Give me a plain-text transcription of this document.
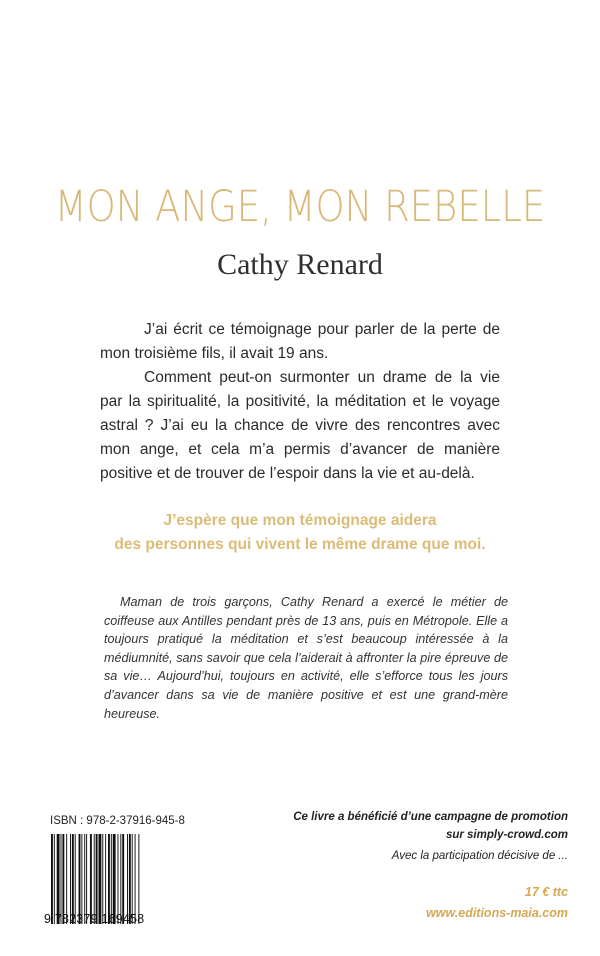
MON ANGE, MON REBELLE
Cathy Renard

J’ai écrit ce témoignage pour parler de la perte de mon troisième fils, il avait 19 ans.

Comment peut-on surmonter un drame de la vie par la spiritualité, la positivité, la méditation et le voyage astral ? J’ai eu la chance de vivre des rencontres avec mon ange, et cela m’a permis d’avancer de manière positive et de trouver de l’espoir dans la vie et au-delà.

J’espère que mon témoignage aidera
des personnes qui vivent le même drame que moi.

Maman de trois garçons, Cathy Renard a exercé le métier de coiffeuse aux Antilles pendant près de 13 ans, puis en Métropole. Elle a toujours pratiqué la méditation et s’est beaucoup intéressée à la médiumnité, sans savoir que cela l’aiderait à affronter la pire épreuve de sa vie… Aujourd’hui, toujours en activité, elle s’efforce tous les jours d’avancer dans sa vie de manière positive et est une grand-mère heureuse.

ISBN : 978-2-37916-945-8
9 782379 169458
Ce livre a bénéficié d’une campagne de promotion
sur simply-crowd.com
Avec la participation décisive de ...
17 € ttc
www.editions-maia.com
